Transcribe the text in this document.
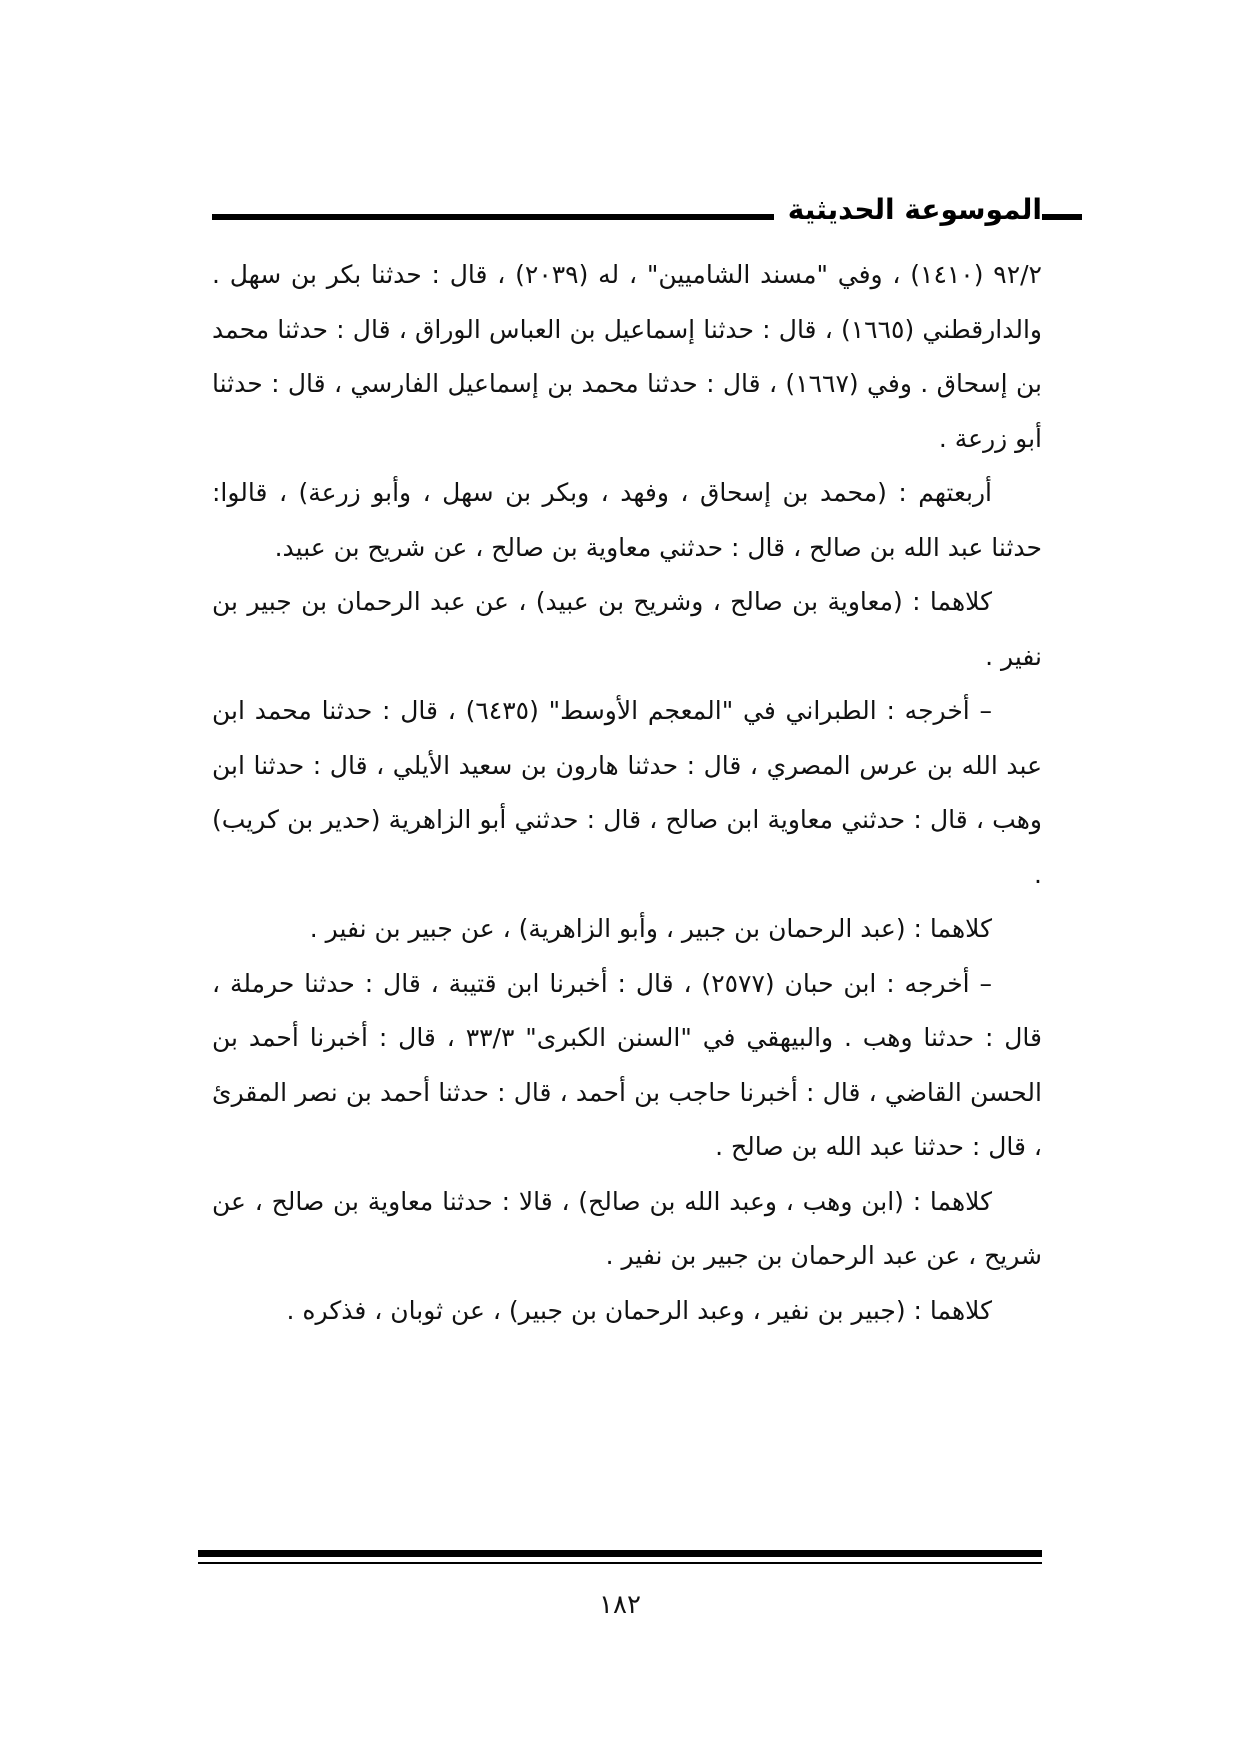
الموسوعة الحديثية

٩٢/٢ (١٤١٠) ، وفي "مسند الشاميين" ، له (٢٠٣٩) ، قال : حدثنا بكر بن سهل . والدارقطني (١٦٦٥) ، قال : حدثنا إسماعيل بن العباس الوراق ، قال : حدثنا محمد بن إسحاق . وفي (١٦٦٧) ، قال : حدثنا محمد بن إسماعيل الفارسي ، قال : حدثنا أبو زرعة .

أربعتهم : (محمد بن إسحاق ، وفهد ، وبكر بن سهل ، وأبو زرعة) ، قالوا: حدثنا عبد الله بن صالح ، قال : حدثني معاوية بن صالح ، عن شريح بن عبيد.

كلاهما : (معاوية بن صالح ، وشريح بن عبيد) ، عن عبد الرحمان بن جبير بن نفير .

– أخرجه : الطبراني في "المعجم الأوسط" (٦٤٣٥) ، قال : حدثنا محمد ابن عبد الله بن عرس المصري ، قال : حدثنا هارون بن سعيد الأيلي ، قال : حدثنا ابن وهب ، قال : حدثني معاوية ابن صالح ، قال : حدثني أبو الزاهرية (حدير بن كريب) .

كلاهما : (عبد الرحمان بن جبير ، وأبو الزاهرية) ، عن جبير بن نفير .

– أخرجه : ابن حبان (٢٥٧٧) ، قال : أخبرنا ابن قتيبة ، قال : حدثنا حرملة ، قال : حدثنا وهب . والبيهقي في "السنن الكبرى" ٣٣/٣ ، قال : أخبرنا أحمد بن الحسن القاضي ، قال : أخبرنا حاجب بن أحمد ، قال : حدثنا أحمد بن نصر المقرئ ، قال : حدثنا عبد الله بن صالح .

كلاهما : (ابن وهب ، وعبد الله بن صالح) ، قالا : حدثنا معاوية بن صالح ، عن شريح ، عن عبد الرحمان بن جبير بن نفير .

كلاهما : (جبير بن نفير ، وعبد الرحمان بن جبير) ، عن ثوبان ، فذكره .

١٨٢
